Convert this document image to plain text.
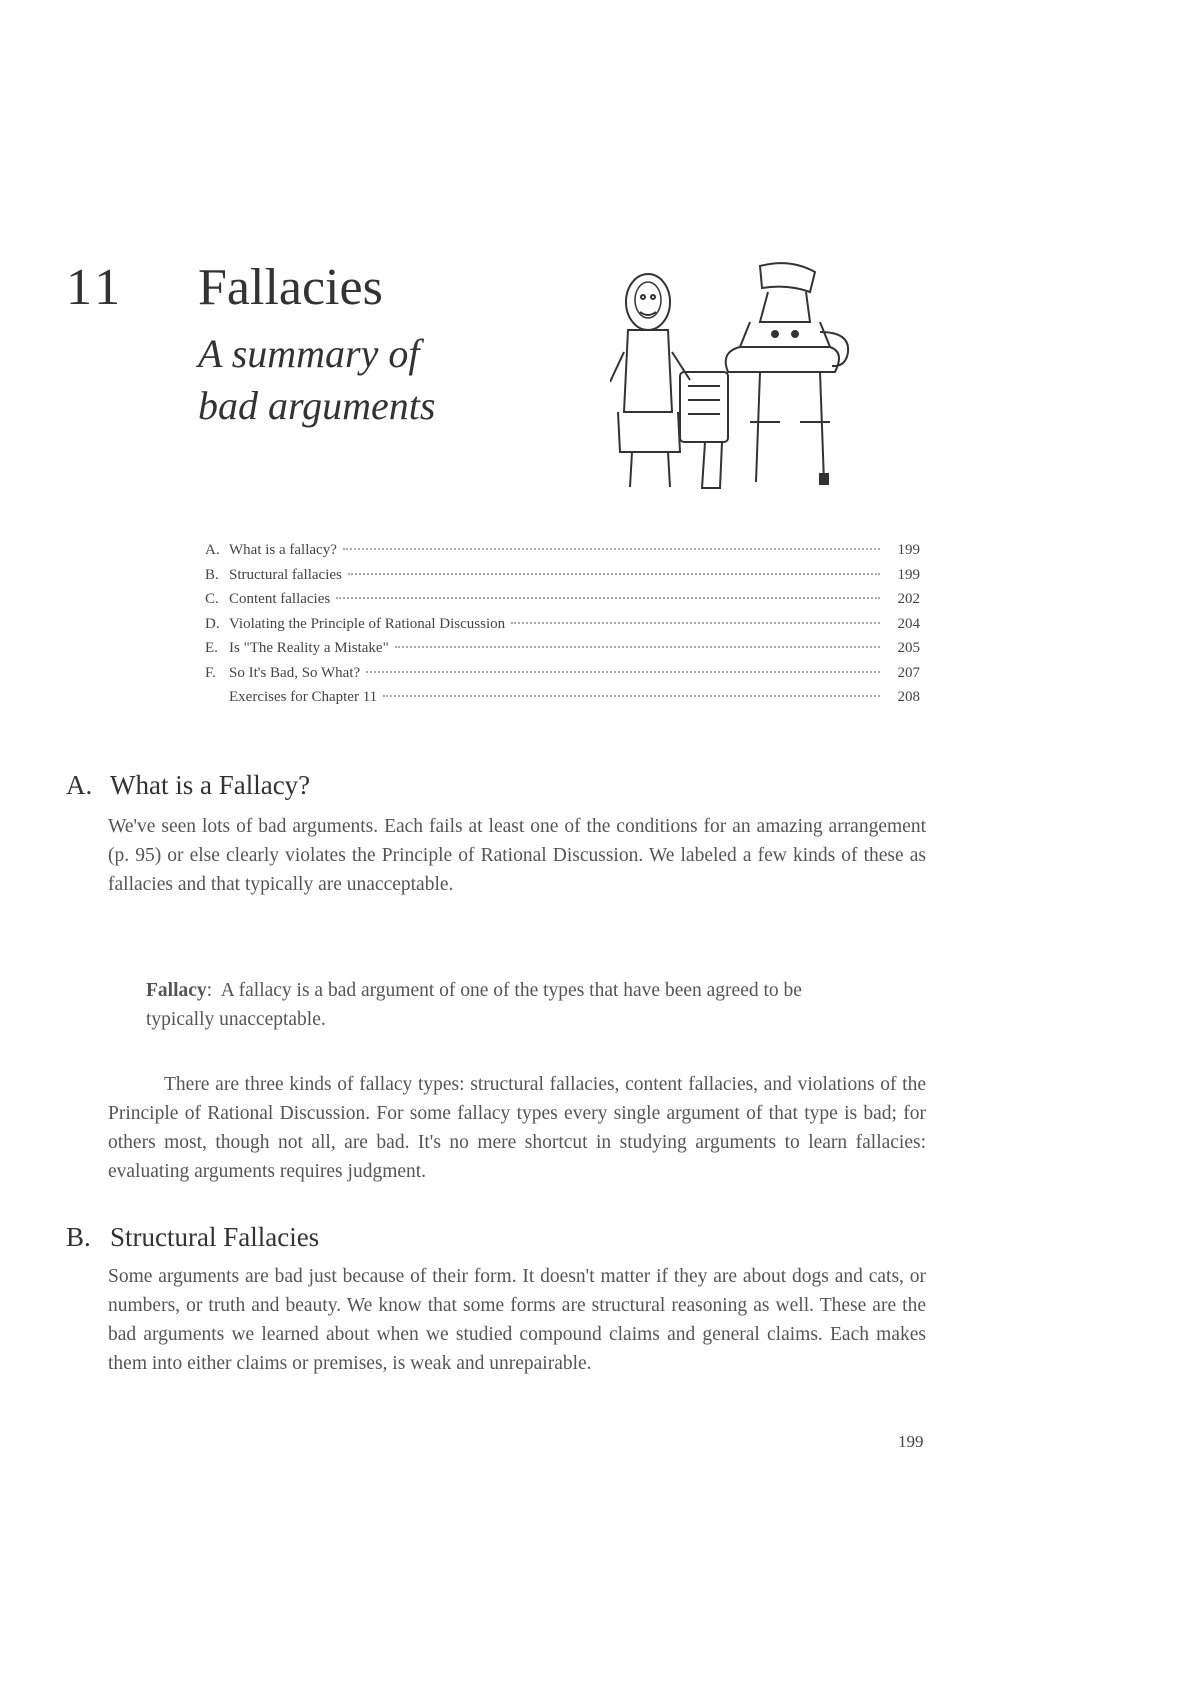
11 Fallacies
A summary of
bad arguments
A. What is a fallacy?	199
B. Structural fallacies	199
C. Content fallacies	202
D. Violating the Principle of Rational Discussion	204
E. Is "The Reality a Mistake"	205
F. So It's Bad, So What?	207
Exercises for Chapter 11	208
A. What is a Fallacy?
We've seen lots of bad arguments. Each fails at least one of the conditions for an amazing arrangement (p. 95) or else clearly violates the Principle of Rational Discussion. We labeled a few kinds of these as fallacies and that typically are unacceptable.
Fallacy:  A fallacy is a bad argument of one of the types that have been agreed to be typically unacceptable.
There are three kinds of fallacy types: structural fallacies, content fallacies, and violations of the Principle of Rational Discussion. For some fallacy types every single argument of that type is bad; for others most, though not all, are bad. It's no mere shortcut in studying arguments to learn fallacies: evaluating arguments requires judgment.
B. Structural Fallacies
Some arguments are bad just because of their form. It doesn't matter if they are about dogs and cats, or numbers, or truth and beauty. We know that some forms are structural reasoning as well. These are the bad arguments we learned about when we studied compound claims and general claims. Each makes them into either claims or premises, is weak and unrepairable.
199
